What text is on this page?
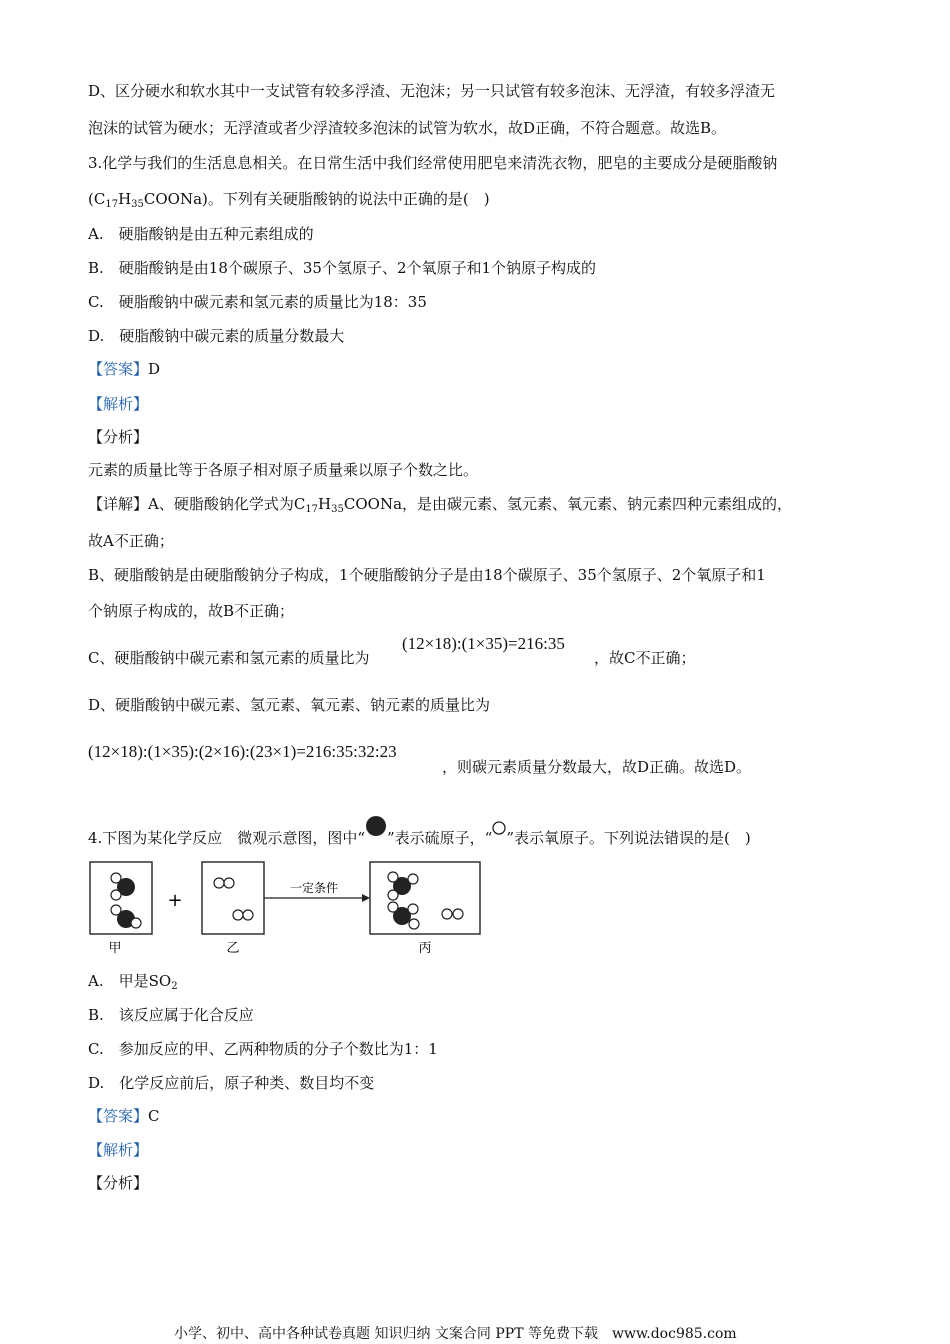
D、区分硬水和软水其中一支试管有较多浮渣、无泡沫；另一只试管有较多泡沫、无浮渣，有较多浮渣无
泡沫的试管为硬水；无浮渣或者少浮渣较多泡沫的试管为软水，故D正确，不符合题意。故选B。
3.化学与我们的生活息息相关。在日常生活中我们经常使用肥皂来清洗衣物，肥皂的主要成分是硬脂酸钠
$(C_{17}H_{35}COONa)$。下列有关硬脂酸钠的说法中正确的是(　)
A.　硬脂酸钠是由五种元素组成的
B.　硬脂酸钠是由18个碳原子、35个氢原子、2个氧原子和1个钠原子构成的
C.　硬脂酸钠中碳元素和氢元素的质量比为18：35
D.　硬脂酸钠中碳元素的质量分数最大
【答案】D
【解析】
【分析】
元素的质量比等于各原子相对原子质量乘以原子个数之比。
【详解】A、硬脂酸钠化学式为$C_{17}H_{35}COONa$，是由碳元素、氢元素、氧元素、钠元素四种元素组成的，
故A不正确；
B、硬脂酸钠是由硬脂酸钠分子构成，1个硬脂酸钠分子是由18个碳原子、35个氢原子、2个氧原子和1
个钠原子构成的，故B不正确；
C、硬脂酸钠中碳元素和氢元素的质量比为
(12×18):(1×35)=216:35
，故C不正确；
D、硬脂酸钠中碳元素、氢元素、氧元素、钠元素的质量比为
(12×18):(1×35):(2×16):(23×1)=216:35:32:23
，则碳元素质量分数最大，故D正确。故选D。
4.下图为某化学反应　微观示意图，图中“ ”表示硫原子，“ ”表示氧原子。下列说法错误的是(　)
甲
+
乙
一定条件
丙
A.　甲是$SO_2$
B.　该反应属于化合反应
C.　参加反应的甲、乙两种物质的分子个数比为1：1
D.　化学反应前后，原子种类、数目均不变
【答案】C
【解析】
【分析】
小学、初中、高中各种试卷真题 知识归纳 文案合同 PPT 等免费下载　www.doc985.com
